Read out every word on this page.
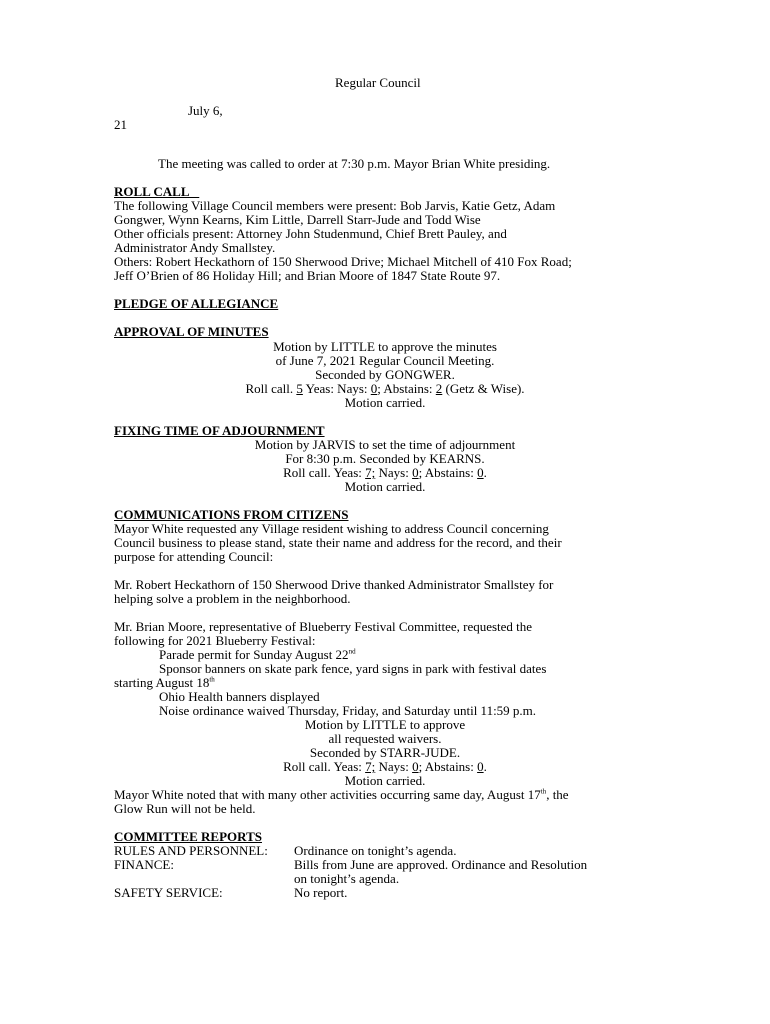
Regular Council
July 6,
21
The meeting was called to order at 7:30 p.m. Mayor Brian White presiding.
ROLL CALL
The following Village Council members were present: Bob Jarvis, Katie Getz, Adam
Gongwer, Wynn Kearns, Kim Little, Darrell Starr-Jude and Todd Wise
Other officials present: Attorney John Studenmund, Chief Brett Pauley, and
Administrator Andy Smallstey.
Others: Robert Heckathorn of 150 Sherwood Drive; Michael Mitchell of 410 Fox Road;
Jeff O’Brien of 86 Holiday Hill; and Brian Moore of 1847 State Route 97.
PLEDGE OF ALLEGIANCE
APPROVAL OF MINUTES
Motion by LITTLE to approve the minutes
of June 7, 2021 Regular Council Meeting.
Seconded by GONGWER.
Roll call. 5 Yeas: Nays: 0; Abstains: 2 (Getz & Wise).
Motion carried.
FIXING TIME OF ADJOURNMENT
Motion by JARVIS to set the time of adjournment
For 8:30 p.m. Seconded by KEARNS.
Roll call. Yeas: 7; Nays: 0; Abstains: 0.
Motion carried.
COMMUNICATIONS FROM CITIZENS
Mayor White requested any Village resident wishing to address Council concerning
Council business to please stand, state their name and address for the record, and their
purpose for attending Council:
Mr. Robert Heckathorn of 150 Sherwood Drive thanked Administrator Smallstey for
helping solve a problem in the neighborhood.
Mr. Brian Moore, representative of Blueberry Festival Committee, requested the
following for 2021 Blueberry Festival:
Parade permit for Sunday August 22nd
Sponsor banners on skate park fence, yard signs in park with festival dates
starting August 18th
Ohio Health banners displayed
Noise ordinance waived Thursday, Friday, and Saturday until 11:59 p.m.
Motion by LITTLE to approve
all requested waivers.
Seconded by STARR-JUDE.
Roll call. Yeas: 7; Nays: 0; Abstains: 0.
Motion carried.
Mayor White noted that with many other activities occurring same day, August 17th, the
Glow Run will not be held.
COMMITTEE REPORTS
RULES AND PERSONNEL: Ordinance on tonight’s agenda.
FINANCE:	Bills from June are approved. Ordinance and Resolution
on tonight’s agenda.
SAFETY SERVICE:	No report.
